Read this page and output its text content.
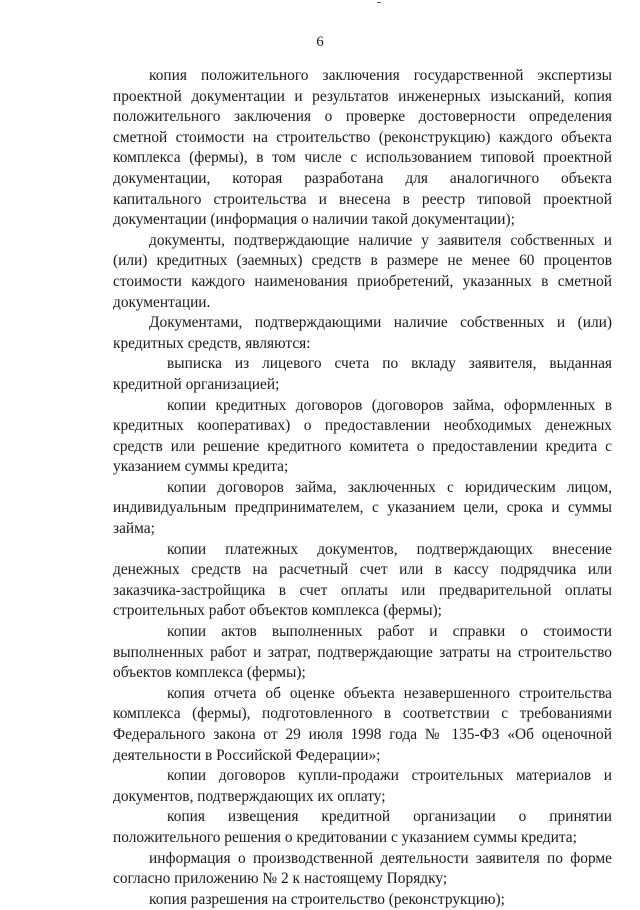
6

копия положительного заключения государственной экспертизы проектной документации и результатов инженерных изысканий, копия положительного заключения о проверке достоверности определения сметной стоимости на строительство (реконструкцию) каждого объекта комплекса (фермы), в том числе с использованием типовой проектной документации, которая разработана для аналогичного объекта капитального строительства и внесена в реестр типовой проектной документации (информация о наличии такой документации);

документы, подтверждающие наличие у заявителя собственных и (или) кредитных (заемных) средств в размере не менее 60 процентов стоимости каждого наименования приобретений, указанных в сметной документации.

Документами, подтверждающими наличие собственных и (или) кредитных средств, являются:

выписка из лицевого счета по вкладу заявителя, выданная кредитной организацией;

копии кредитных договоров (договоров займа, оформленных в кредитных кооперативах) о предоставлении необходимых денежных средств или решение кредитного комитета о предоставлении кредита с указанием суммы кредита;

копии договоров займа, заключенных с юридическим лицом, индивидуальным предпринимателем, с указанием цели, срока и суммы займа;

копии платежных документов, подтверждающих внесение денежных средств на расчетный счет или в кассу подрядчика или заказчика-застройщика в счет оплаты или предварительной оплаты строительных работ объектов комплекса (фермы);

копии актов выполненных работ и справки о стоимости выполненных работ и затрат, подтверждающие затраты на строительство объектов комплекса (фермы);

копия отчета об оценке объекта незавершенного строительства комплекса (фермы), подготовленного в соответствии с требованиями Федерального закона от 29 июля 1998 года № 135-ФЗ «Об оценочной деятельности в Российской Федерации»;

копии договоров купли-продажи строительных материалов и документов, подтверждающих их оплату;

копия извещения кредитной организации о принятии положительного решения о кредитовании с указанием суммы кредита;

информация о производственной деятельности заявителя по форме согласно приложению № 2 к настоящему Порядку;

копия разрешения на строительство (реконструкцию);
